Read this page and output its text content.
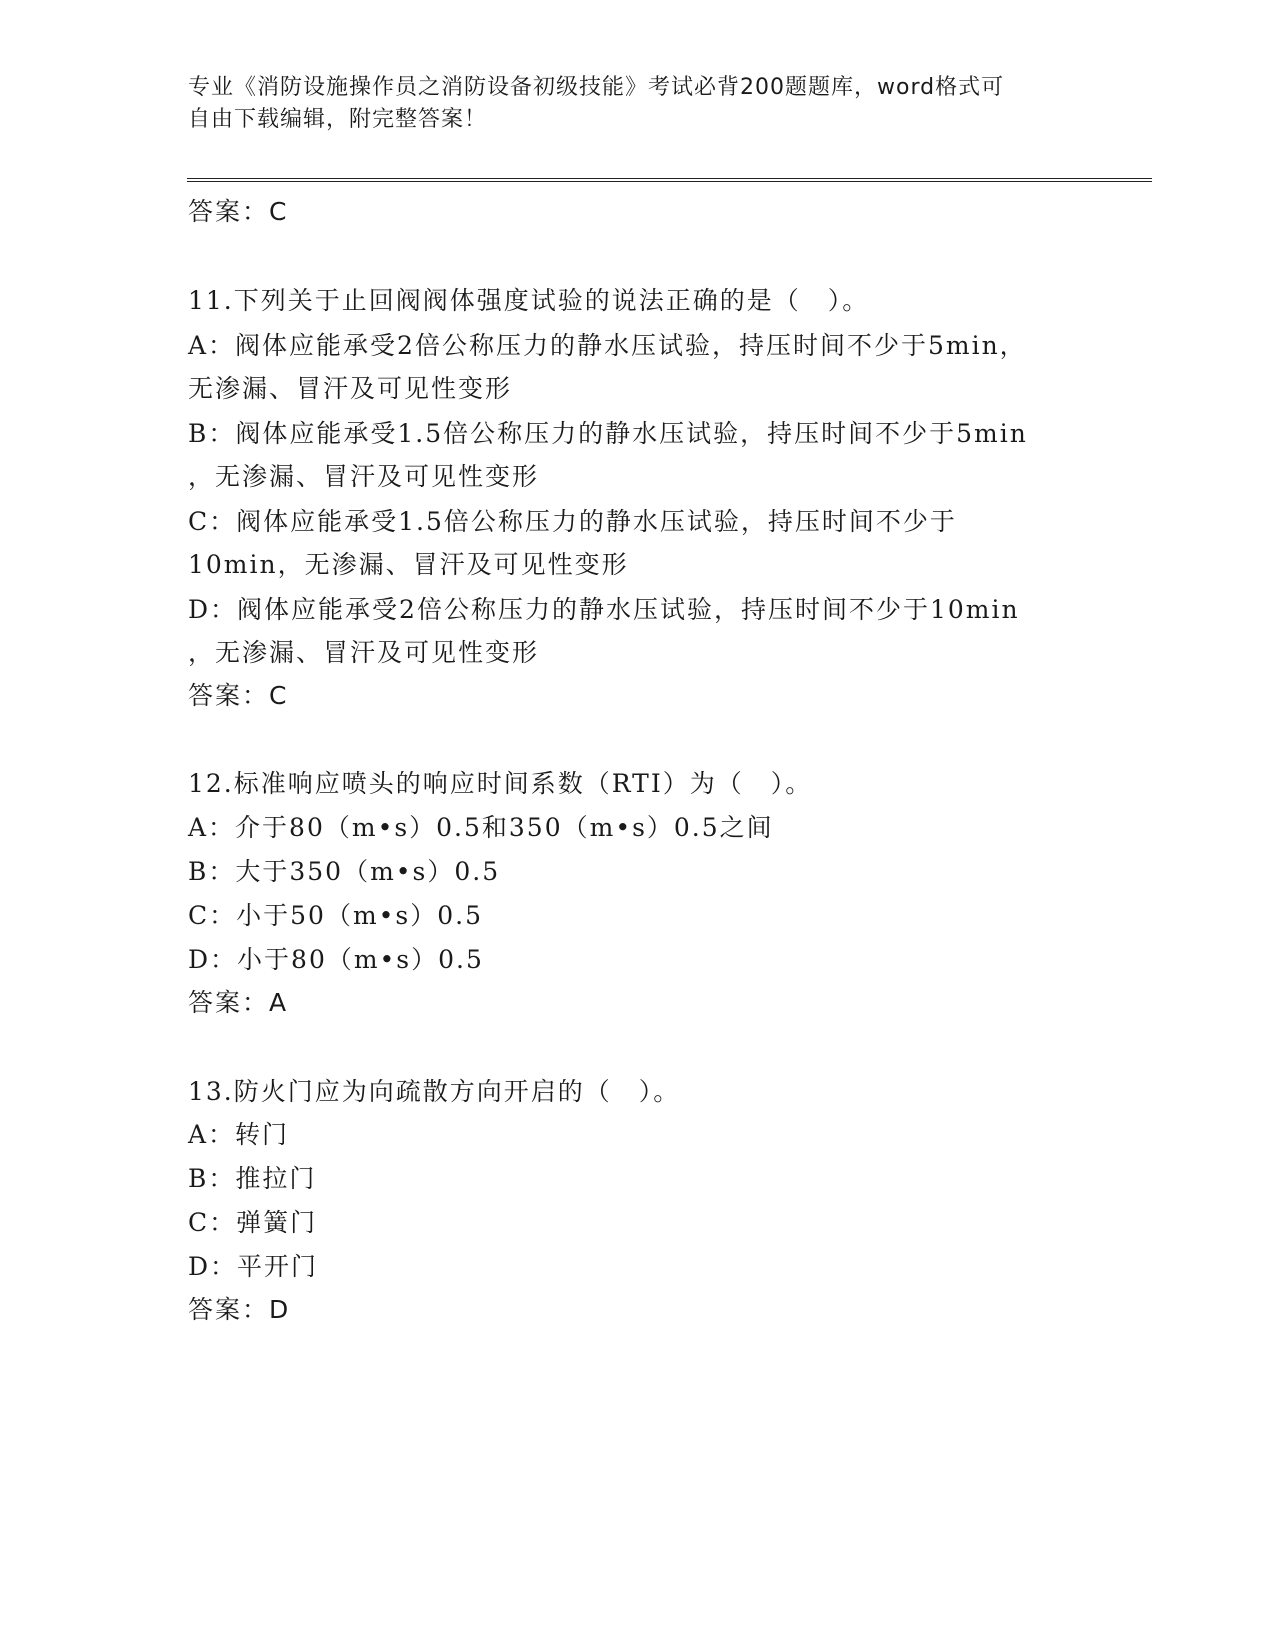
专业《消防设施操作员之消防设备初级技能》考试必背200题题库，word格式可
自由下载编辑，附完整答案！
答案：C
11.下列关于止回阀阀体强度试验的说法正确的是（　）。
A：阀体应能承受2倍公称压力的静水压试验，持压时间不少于5min，
无渗漏、冒汗及可见性变形
B：阀体应能承受1.5倍公称压力的静水压试验，持压时间不少于5min
，无渗漏、冒汗及可见性变形
C：阀体应能承受1.5倍公称压力的静水压试验，持压时间不少于
10min，无渗漏、冒汗及可见性变形
D：阀体应能承受2倍公称压力的静水压试验，持压时间不少于10min
，无渗漏、冒汗及可见性变形
答案：C
12.标准响应喷头的响应时间系数（RTI）为（　）。
A：介于80（m•s）0.5和350（m•s）0.5之间
B：大于350（m•s）0.5
C：小于50（m•s）0.5
D：小于80（m•s）0.5
答案：A
13.防火门应为向疏散方向开启的（　）。
A：转门
B：推拉门
C：弹簧门
D：平开门
答案：D
